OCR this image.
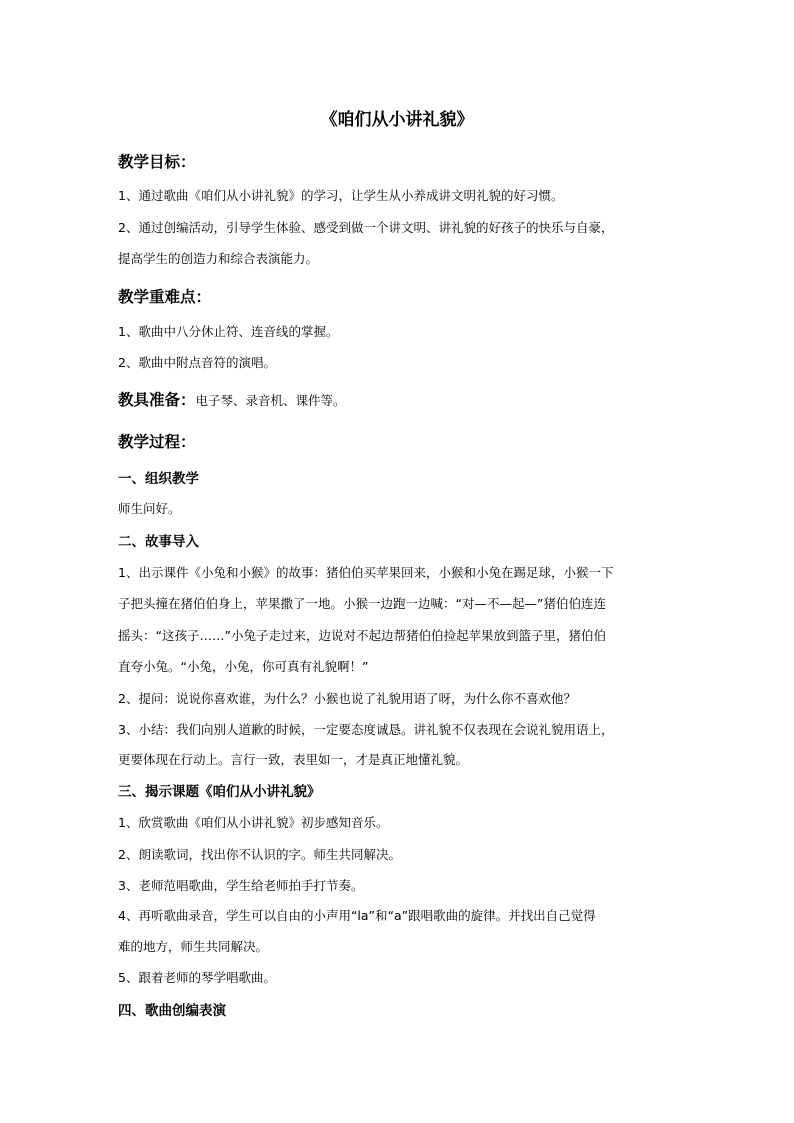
《咱们从小讲礼貌》
教学目标：
1、通过歌曲《咱们从小讲礼貌》的学习，让学生从小养成讲文明礼貌的好习惯。
2、通过创编活动，引导学生体验、感受到做一个讲文明、讲礼貌的好孩子的快乐与自豪，
提高学生的创造力和综合表演能力。
教学重难点：
1、歌曲中八分休止符、连音线的掌握。
2、歌曲中附点音符的演唱。
教具准备：电子琴、录音机、课件等。
教学过程：
一、组织教学
师生问好。
二、故事导入
1、出示课件《小兔和小猴》的故事：猪伯伯买苹果回来，小猴和小兔在踢足球，小猴一下
子把头撞在猪伯伯身上，苹果撒了一地。小猴一边跑一边喊：“对—不—起—”猪伯伯连连
摇头：“这孩子……”小兔子走过来，边说对不起边帮猪伯伯捡起苹果放到篮子里，猪伯伯
直夸小兔。“小兔，小兔，你可真有礼貌啊！”
2、提问：说说你喜欢谁，为什么？小猴也说了礼貌用语了呀，为什么你不喜欢他？
3、小结：我们向别人道歉的时候，一定要态度诚恳。讲礼貌不仅表现在会说礼貌用语上，
更要体现在行动上。言行一致，表里如一，才是真正地懂礼貌。
三、揭示课题《咱们从小讲礼貌》
1、欣赏歌曲《咱们从小讲礼貌》初步感知音乐。
2、朗读歌词，找出你不认识的字。师生共同解决。
3、老师范唱歌曲，学生给老师拍手打节奏。
4、再听歌曲录音，学生可以自由的小声用“la”和“a”跟唱歌曲的旋律。并找出自己觉得
难的地方，师生共同解决。
5、跟着老师的琴学唱歌曲。
四、歌曲创编表演
